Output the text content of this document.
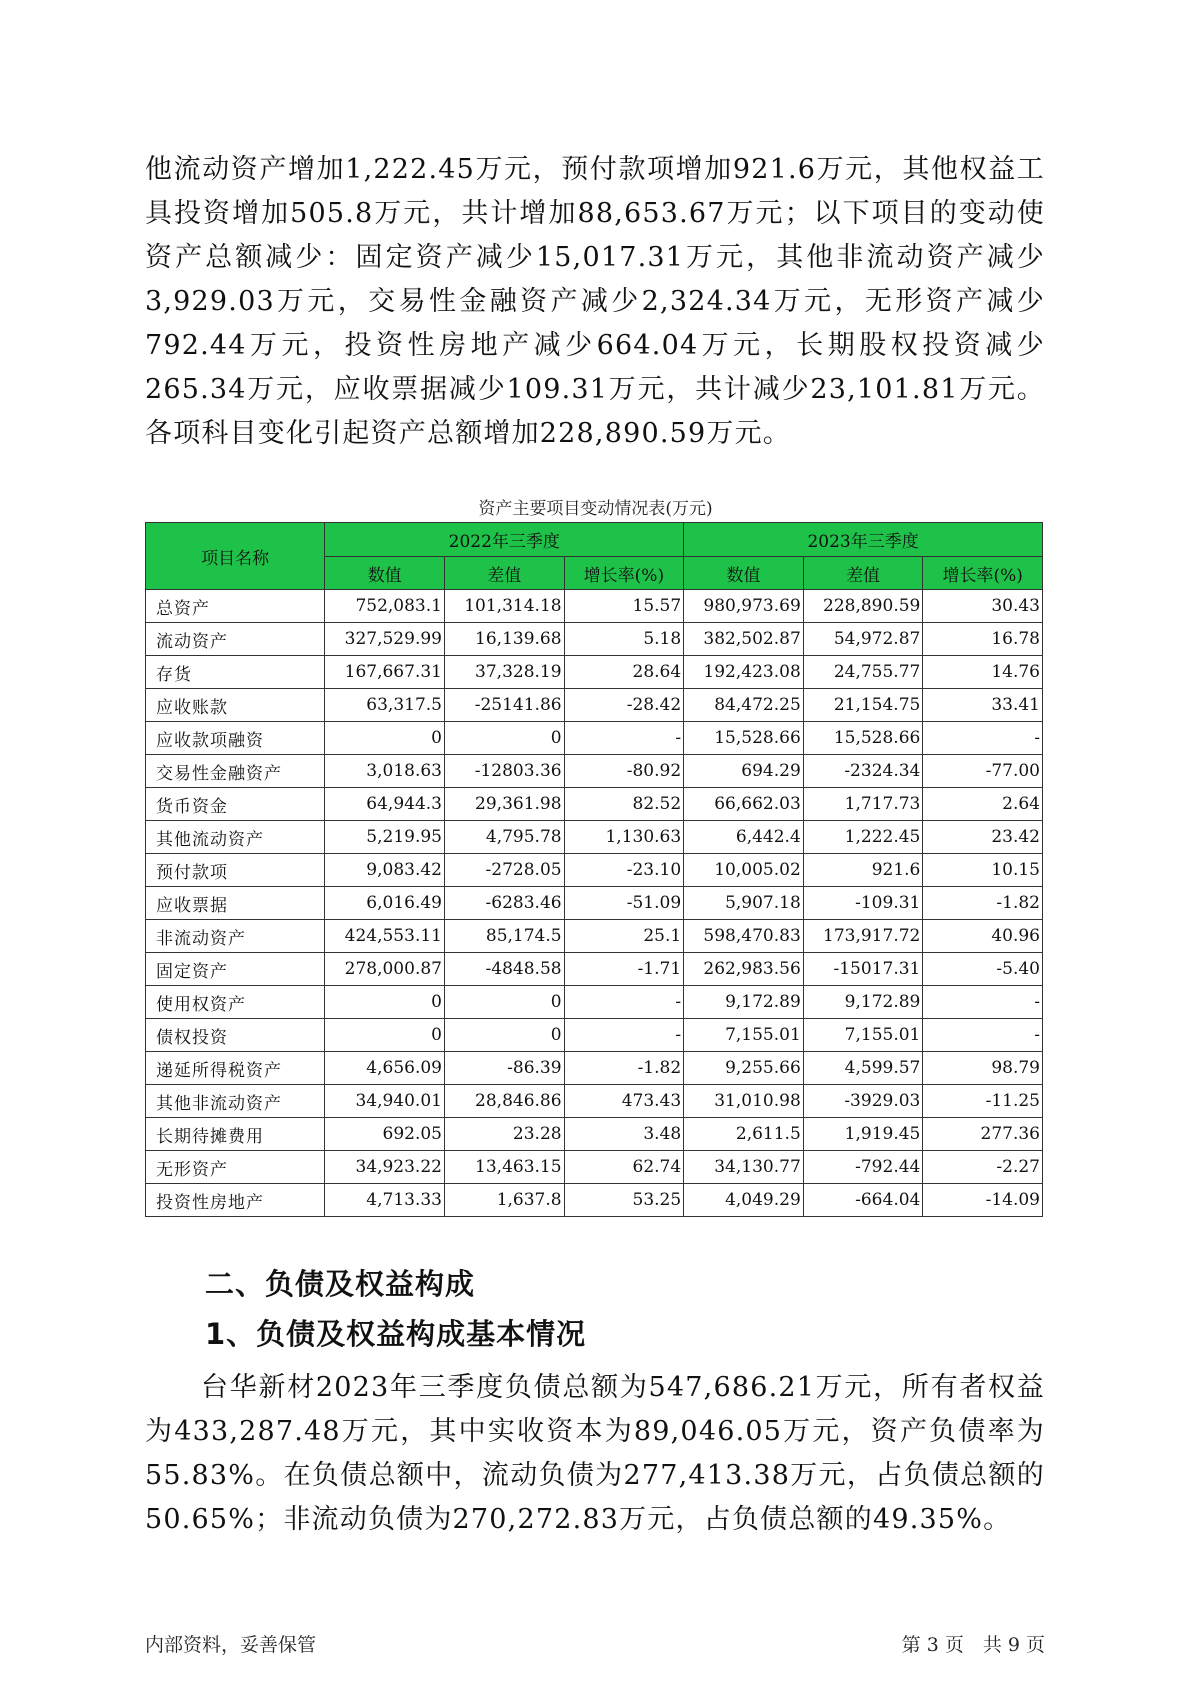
他流动资产增加1,222.45万元，预付款项增加921.6万元，其他权益工具投资增加505.8万元，共计增加88,653.67万元；以下项目的变动使资产总额减少：固定资产减少15,017.31万元，其他非流动资产减少3,929.03万元，交易性金融资产减少2,324.34万元，无形资产减少792.44万元，投资性房地产减少664.04万元，长期股权投资减少265.34万元，应收票据减少109.31万元，共计减少23,101.81万元。各项科目变化引起资产总额增加228,890.59万元。

资产主要项目变动情况表(万元)
项目名称	2022年三季度			2023年三季度		
	数值	差值	增长率(%)	数值	差值	增长率(%)
总资产	752,083.1	101,314.18	15.57	980,973.69	228,890.59	30.43
流动资产	327,529.99	16,139.68	5.18	382,502.87	54,972.87	16.78
存货	167,667.31	37,328.19	28.64	192,423.08	24,755.77	14.76
应收账款	63,317.5	-25141.86	-28.42	84,472.25	21,154.75	33.41
应收款项融资	0	0	-	15,528.66	15,528.66	-
交易性金融资产	3,018.63	-12803.36	-80.92	694.29	-2324.34	-77.00
货币资金	64,944.3	29,361.98	82.52	66,662.03	1,717.73	2.64
其他流动资产	5,219.95	4,795.78	1,130.63	6,442.4	1,222.45	23.42
预付款项	9,083.42	-2728.05	-23.10	10,005.02	921.6	10.15
应收票据	6,016.49	-6283.46	-51.09	5,907.18	-109.31	-1.82
非流动资产	424,553.11	85,174.5	25.1	598,470.83	173,917.72	40.96
固定资产	278,000.87	-4848.58	-1.71	262,983.56	-15017.31	-5.40
使用权资产	0	0	-	9,172.89	9,172.89	-
债权投资	0	0	-	7,155.01	7,155.01	-
递延所得税资产	4,656.09	-86.39	-1.82	9,255.66	4,599.57	98.79
其他非流动资产	34,940.01	28,846.86	473.43	31,010.98	-3929.03	-11.25
长期待摊费用	692.05	23.28	3.48	2,611.5	1,919.45	277.36
无形资产	34,923.22	13,463.15	62.74	34,130.77	-792.44	-2.27
投资性房地产	4,713.33	1,637.8	53.25	4,049.29	-664.04	-14.09
二、负债及权益构成
1、负债及权益构成基本情况

台华新材2023年三季度负债总额为547,686.21万元，所有者权益为433,287.48万元，其中实收资本为89,046.05万元，资产负债率为55.83%。在负债总额中，流动负债为277,413.38万元，占负债总额的50.65%；非流动负债为270,272.83万元，占负债总额的49.35%。

内部资料，妥善保管	第 3 页　共 9 页
